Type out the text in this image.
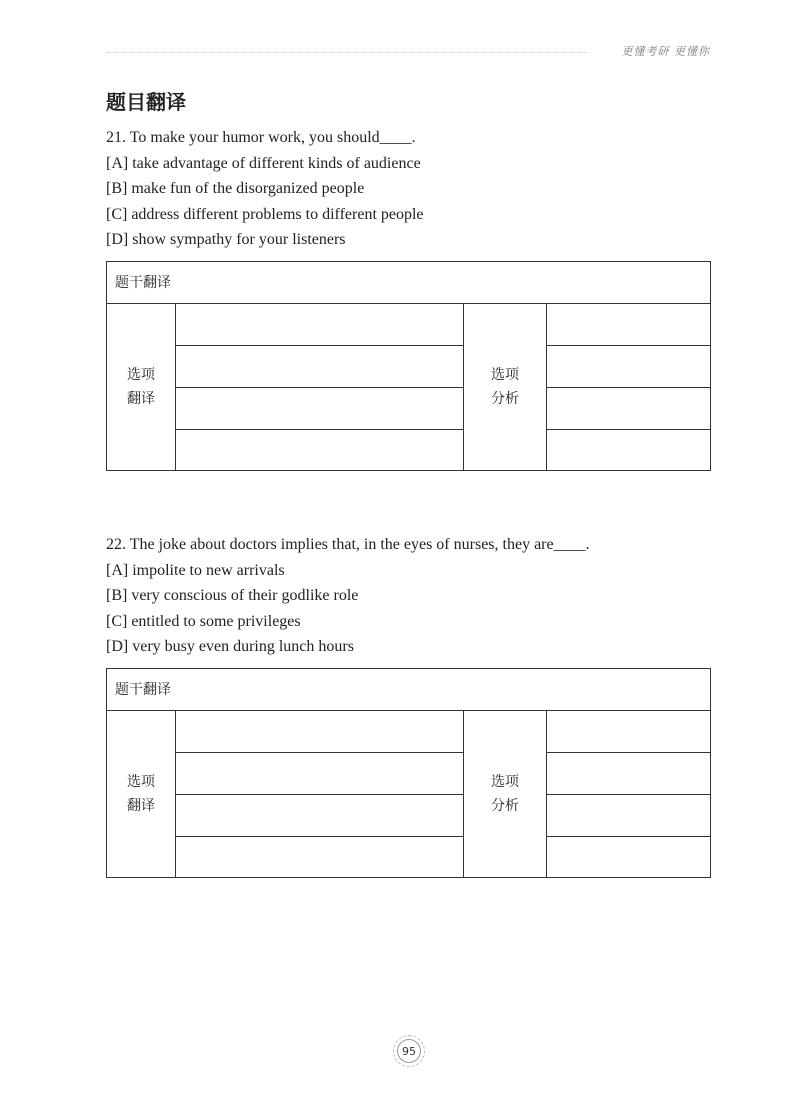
更懂考研 更懂你
题目翻译
21. To make your humor work, you should____.
[A] take advantage of different kinds of audience
[B] make fun of the disorganized people
[C] address different problems to different people
[D] show sympathy for your listeners
题干翻译
选项
翻译
选项
分析
22. The joke about doctors implies that, in the eyes of nurses, they are____.
[A] impolite to new arrivals
[B] very conscious of their godlike role
[C] entitled to some privileges
[D] very busy even during lunch hours
题干翻译
选项
翻译
选项
分析
95
